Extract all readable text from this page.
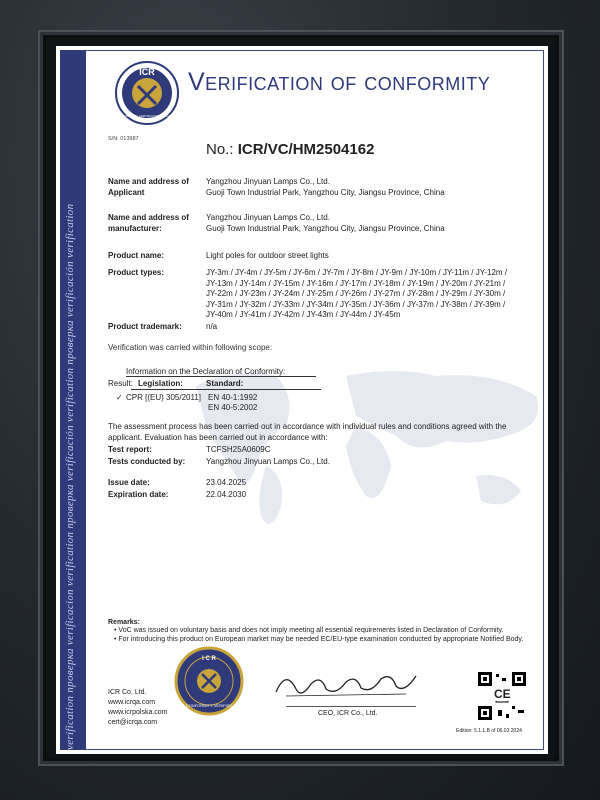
verification проверка verificacion verification проверка verificación verification проверка verificación verification
ICR
INTERNATIONAL CERTIFICATION REGISTRAR
Verification of conformity
S/N: 013987
No.: ICR/VC/HM2504162
Name and address of Applicant
Yangzhou Jinyuan Lamps Co., Ltd.
Guoji Town Industrial Park, Yangzhou City, Jiangsu Province, China
Name and address of manufacturer:
Yangzhou Jinyuan Lamps Co., Ltd.
Guoji Town Industrial Park, Yangzhou City, Jiangsu Province, China
Product name:	Light poles for outdoor street lights
Product types:	JY-3m / JY-4m / JY-5m / JY-6m / JY-7m / JY-8m / JY-9m / JY-10m / JY-11m / JY-12m / JY-13m / JY-14m / JY-15m / JY-16m / JY-17m / JY-18m / JY-19m / JY-20m / JY-21m / JY-22m / JY-23m / JY-24m / JY-25m / JY-26m / JY-27m / JY-28m / JY-29m / JY-30m / JY-31m / JY-32m / JY-33m / JY-34m / JY-35m / JY-36m / JY-37m / JY-38m / JY-39m / JY-40m / JY-41m / JY-42m / JY-43m / JY-44m / JY-45m
Product trademark:	n/a
Verification was carried within following scope:
Information on the Declaration of Conformity:
Result: Legislation:	Standard:
✓ CPR [(EU) 305/2011] EN 40-1:1992
EN 40-5:2002
The assessment process has been carried out in accordance with individual rules and conditions agreed with the applicant. Evaluation has been carried out in accordance with:
Test report:	TCFSH25A0609C
Tests conducted by:	Yangzhou Jinyuan Lamps Co., Ltd.
Issue date:	23.04.2025
Expiration date:	22.04.2030
Remarks:
• VoC was issued on voluntary basis and does not imply meeting all essential requirements listed in Declaration of Conformity.
• For introducing this product on European market may be needed EC/EU-type examination conducted by appropriate Notified Body.
I C R
CONFORMITY VERIFIED
ICR Co. Ltd.
www.icrqa.com
www.icrpolska.com
cert@icrqa.com
CEO, ICR Co., Ltd.
CE
Edition: 5.1.1.B of 06.03.2024
